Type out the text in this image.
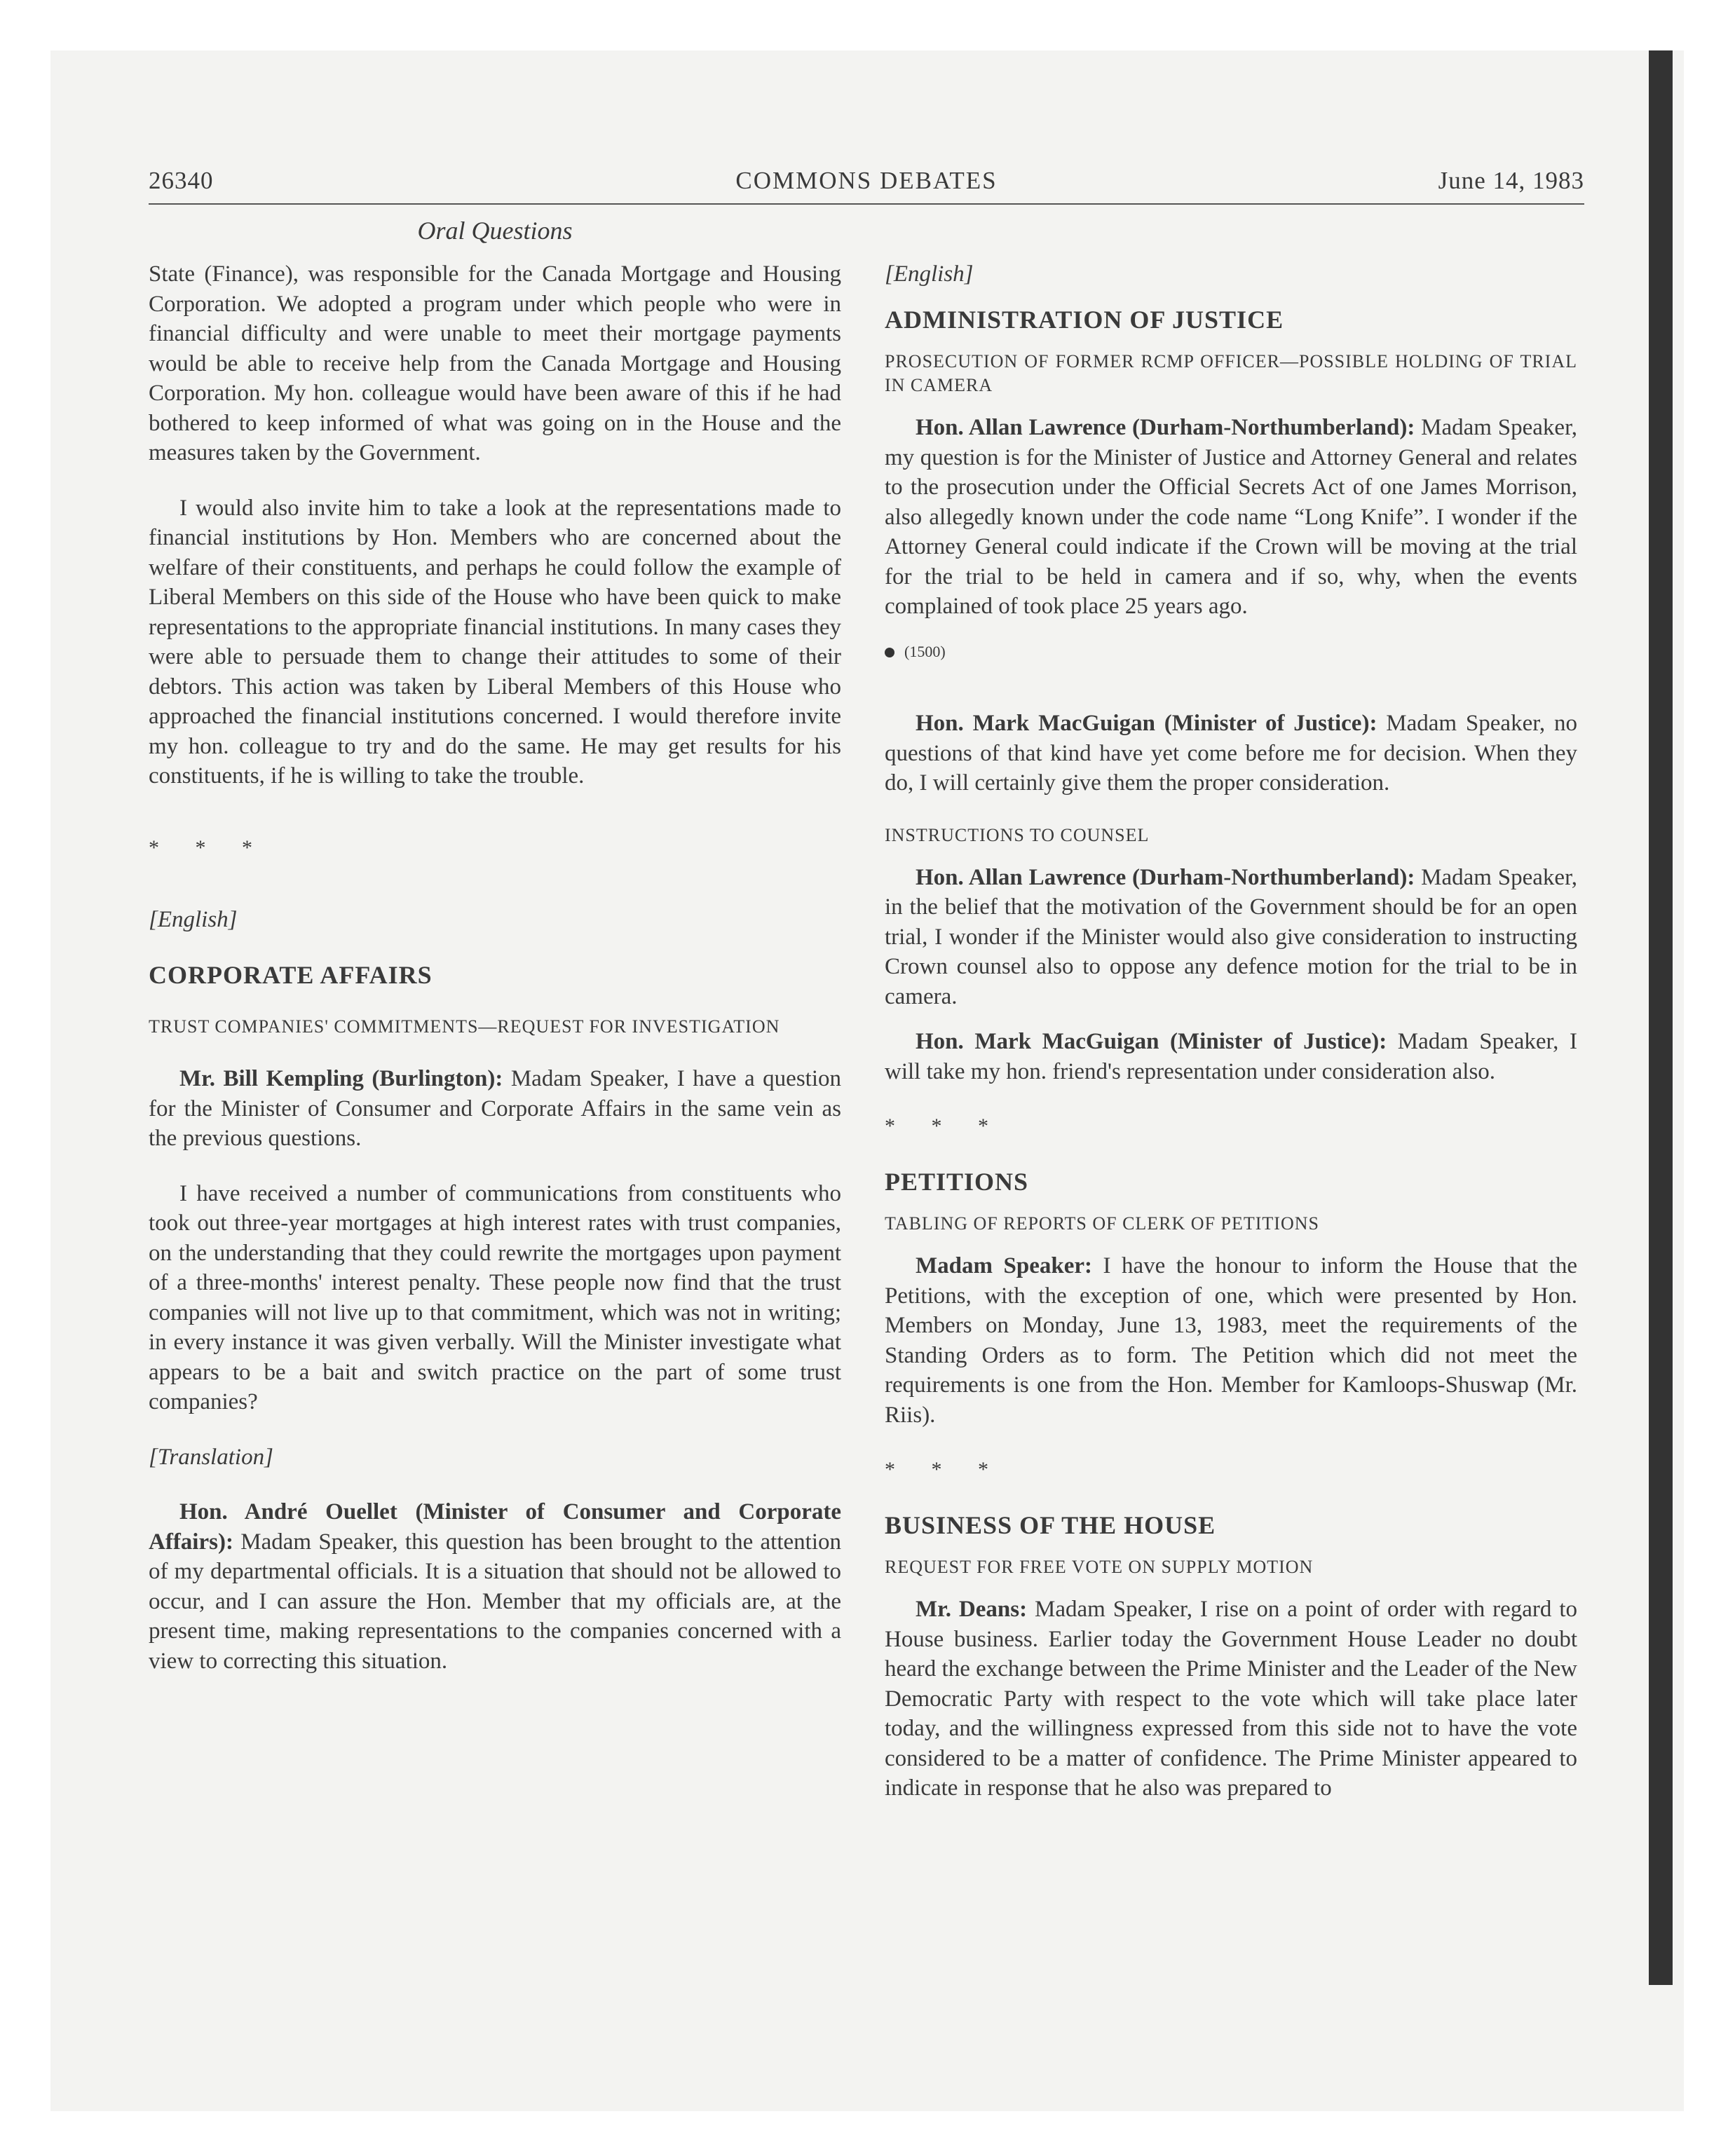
26340	COMMONS DEBATES	June 14, 1983
Oral Questions

State (Finance), was responsible for the Canada Mortgage and Housing Corporation. We adopted a program under which people who were in financial difficulty and were unable to meet their mortgage payments would be able to receive help from the Canada Mortgage and Housing Corporation. My hon. colleague would have been aware of this if he had bothered to keep informed of what was going on in the House and the measures taken by the Government.

I would also invite him to take a look at the representations made to financial institutions by Hon. Members who are concerned about the welfare of their constituents, and perhaps he could follow the example of Liberal Members on this side of the House who have been quick to make representations to the appropriate financial institutions. In many cases they were able to persuade them to change their attitudes to some of their debtors. This action was taken by Liberal Members of this House who approached the financial institutions concerned. I would therefore invite my hon. colleague to try and do the same. He may get results for his constituents, if he is willing to take the trouble.

* * *

[English]

CORPORATE AFFAIRS

TRUST COMPANIES' COMMITMENTS—REQUEST FOR INVESTIGATION

Mr. Bill Kempling (Burlington): Madam Speaker, I have a question for the Minister of Consumer and Corporate Affairs in the same vein as the previous questions.

I have received a number of communications from constituents who took out three-year mortgages at high interest rates with trust companies, on the understanding that they could rewrite the mortgages upon payment of a three-months' interest penalty. These people now find that the trust companies will not live up to that commitment, which was not in writing; in every instance it was given verbally. Will the Minister investigate what appears to be a bait and switch practice on the part of some trust companies?

[Translation]

Hon. André Ouellet (Minister of Consumer and Corporate Affairs): Madam Speaker, this question has been brought to the attention of my departmental officials. It is a situation that should not be allowed to occur, and I can assure the Hon. Member that my officials are, at the present time, making representations to the companies concerned with a view to correcting this situation.

[English]

ADMINISTRATION OF JUSTICE

PROSECUTION OF FORMER RCMP OFFICER—POSSIBLE HOLDING OF TRIAL IN CAMERA

Hon. Allan Lawrence (Durham-Northumberland): Madam Speaker, my question is for the Minister of Justice and Attorney General and relates to the prosecution under the Official Secrets Act of one James Morrison, also allegedly known under the code name “Long Knife”. I wonder if the Attorney General could indicate if the Crown will be moving at the trial for the trial to be held in camera and if so, why, when the events complained of took place 25 years ago.

(1500)

Hon. Mark MacGuigan (Minister of Justice): Madam Speaker, no questions of that kind have yet come before me for decision. When they do, I will certainly give them the proper consideration.

INSTRUCTIONS TO COUNSEL

Hon. Allan Lawrence (Durham-Northumberland): Madam Speaker, in the belief that the motivation of the Government should be for an open trial, I wonder if the Minister would also give consideration to instructing Crown counsel also to oppose any defence motion for the trial to be in camera.

Hon. Mark MacGuigan (Minister of Justice): Madam Speaker, I will take my hon. friend's representation under consideration also.

* * *

PETITIONS

TABLING OF REPORTS OF CLERK OF PETITIONS

Madam Speaker: I have the honour to inform the House that the Petitions, with the exception of one, which were presented by Hon. Members on Monday, June 13, 1983, meet the requirements of the Standing Orders as to form. The Petition which did not meet the requirements is one from the Hon. Member for Kamloops-Shuswap (Mr. Riis).

* * *

BUSINESS OF THE HOUSE

REQUEST FOR FREE VOTE ON SUPPLY MOTION

Mr. Deans: Madam Speaker, I rise on a point of order with regard to House business. Earlier today the Government House Leader no doubt heard the exchange between the Prime Minister and the Leader of the New Democratic Party with respect to the vote which will take place later today, and the willingness expressed from this side not to have the vote considered to be a matter of confidence. The Prime Minister appeared to indicate in response that he also was prepared to
